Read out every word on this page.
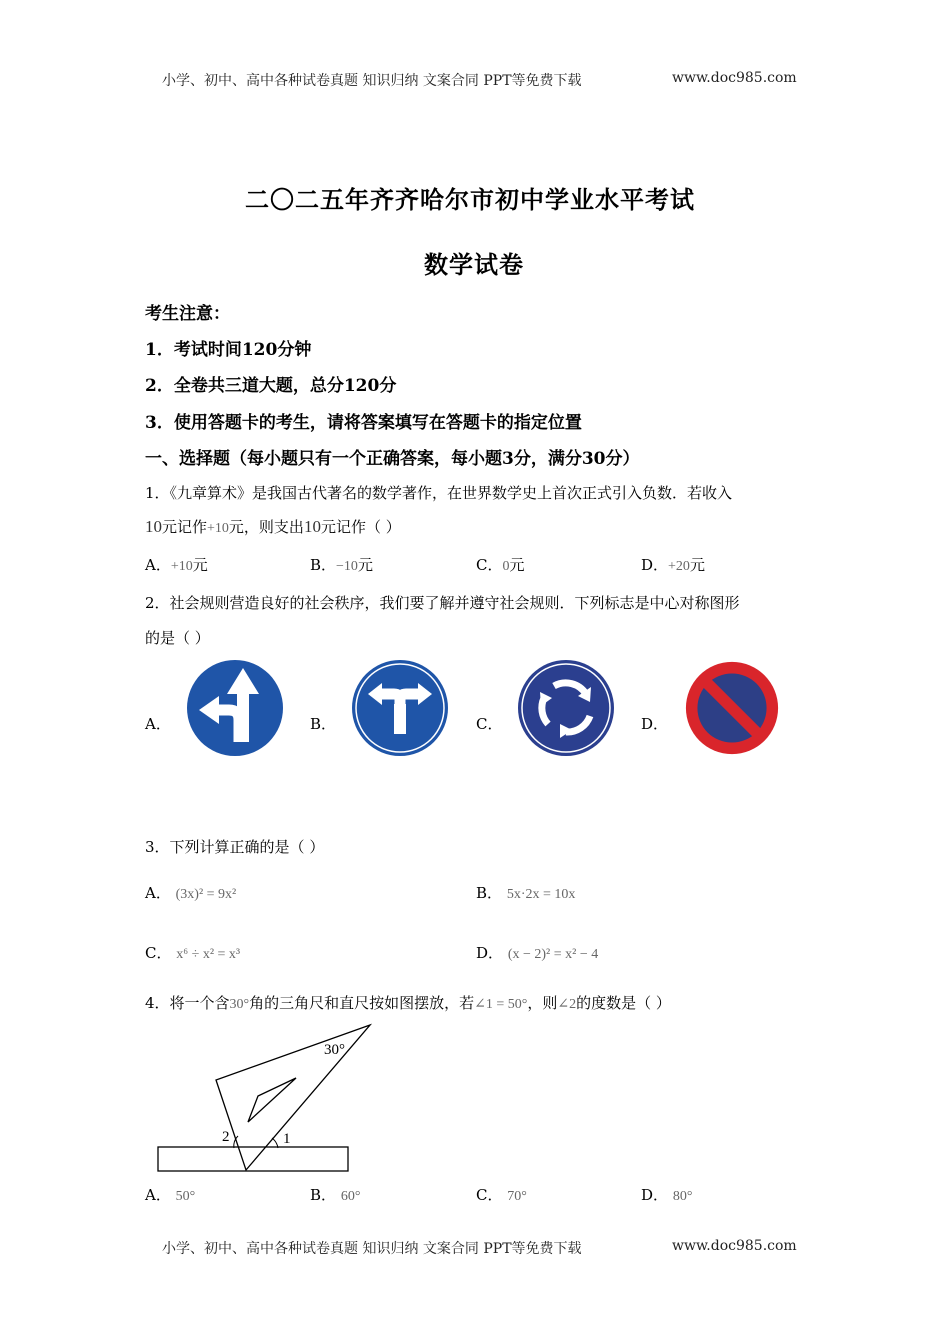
小学、初中、高中各种试卷真题 知识归纳 文案合同 PPT等免费下载	www.doc985.com
二〇二五年齐齐哈尔市初中学业水平考试
数学试卷
考生注意：
1．考试时间120分钟
2．全卷共三道大题，总分120分
3．使用答题卡的考生，请将答案填写在答题卡的指定位置
一、选择题（每小题只有一个正确答案，每小题3分，满分30分）
1．《九章算术》是我国古代著名的数学著作，在世界数学史上首次正式引入负数．若收入
10元记作+10元，则支出10元记作（ ）
A．+10元	B．−10元	C．0元	D．+20元
2．社会规则营造良好的社会秩序，我们要了解并遵守社会规则．下列标志是中心对称图形
的是（ ）
A．	B．	C．	D．
3．下列计算正确的是（ ）
A． (3x)² = 9x²	B． 5x·2x = 10x
C． x⁶ ÷ x² = x³	D． (x − 2)² = x² − 4
4．将一个含30°角的三角尺和直尺按如图摆放，若∠1 = 50°，则∠2的度数是（ ）
30°
2	1
A． 50°	B． 60°	C． 70°	D． 80°
小学、初中、高中各种试卷真题 知识归纳 文案合同 PPT等免费下载	www.doc985.com
